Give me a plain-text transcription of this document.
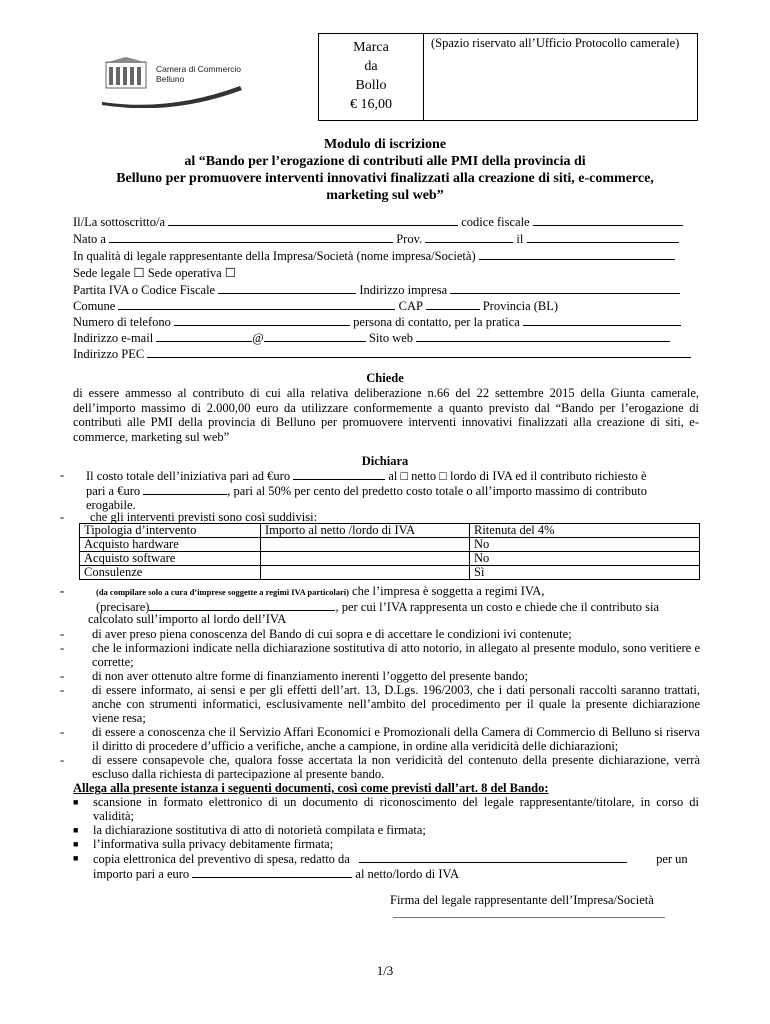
Marca
da
Bollo
€ 16,00
(Spazio riservato all’Ufficio Protocollo camerale)
Camera di Commercio
Belluno
Modulo di iscrizione
al “Bando per l’erogazione di contributi alle PMI della provincia di
Belluno per promuovere interventi innovativi finalizzati alla creazione di siti, e-commerce,
marketing sul web”
Il/La sottoscritto/a	codice fiscale
Nato a	Prov.	il
In qualità di legale rappresentante della Impresa/Società (nome impresa/Società)
Sede legale ☐ Sede operativa ☐
Partita IVA o Codice Fiscale	Indirizzo impresa
Comune	CAP	Provincia (BL)
Numero di telefono	persona di contatto, per la pratica
Indirizzo e-mail	@	Sito web
Indirizzo PEC
Chiede
di essere ammesso al contributo di cui alla relativa deliberazione n.66 del 22 settembre 2015 della Giunta camerale, dell’importo massimo di 2.000,00 euro da utilizzare conformemente a quanto previsto dal “Bando per l’erogazione di contributi alle PMI della provincia di Belluno per promuovere interventi innovativi finalizzati alla creazione di siti, e-commerce, marketing sul web”
Dichiara
-	Il costo totale dell’iniziativa pari ad €uro	al □ netto □ lordo di IVA ed il contributo richiesto è
pari a €uro	, pari al 50% per cento del predetto costo totale o all’importo massimo di contributo
erogabile.
-	che gli interventi previsti sono così suddivisi:
Tipologia d’intervento	Importo al netto /lordo di IVA	Ritenuta del 4%
Acquisto hardware		No
Acquisto software		No
Consulenze		Sì
-	(da compilare solo a cura d’imprese soggette a regimi IVA particolari) che l’impresa è soggetta a regimi IVA,
(precisare)	, per cui l’IVA rappresenta un costo e chiede che il contributo sia
calcolato sull’importo al lordo dell’IVA
-	di aver preso piena conoscenza del Bando di cui sopra e di accettare le condizioni ivi contenute;
-	che le informazioni indicate nella dichiarazione sostitutiva di atto notorio, in allegato al presente modulo, sono veritiere e corrette;
-	di non aver ottenuto altre forme di finanziamento inerenti l’oggetto del presente bando;
-	di essere informato, ai sensi e per gli effetti dell’art. 13, D.Lgs. 196/2003, che i dati personali raccolti saranno trattati, anche con strumenti informatici, esclusivamente nell’ambito del procedimento per il quale la presente dichiarazione viene resa;
-	di essere a conoscenza che il Servizio Affari Economici e Promozionali della Camera di Commercio di Belluno si riserva il diritto di procedere d’ufficio a verifiche, anche a campione, in ordine alla veridicità delle dichiarazioni;
-	di essere consapevole che, qualora fosse accertata la non veridicità del contenuto della presente dichiarazione, verrà escluso dalla richiesta di partecipazione al presente bando.
Allega alla presente istanza i seguenti documenti, così come previsti dall’art. 8 del Bando:
■	scansione in formato elettronico di un documento di riconoscimento del legale rappresentante/titolare, in corso di validità;
■	la dichiarazione sostitutiva di atto di notorietà compilata e firmata;
■	l’informativa sulla privacy debitamente firmata;
■	copia elettronica del preventivo di spesa, redatto da	per un
importo pari a euro	al netto/lordo di IVA
Firma del legale rappresentante dell’Impresa/Società
1/3
